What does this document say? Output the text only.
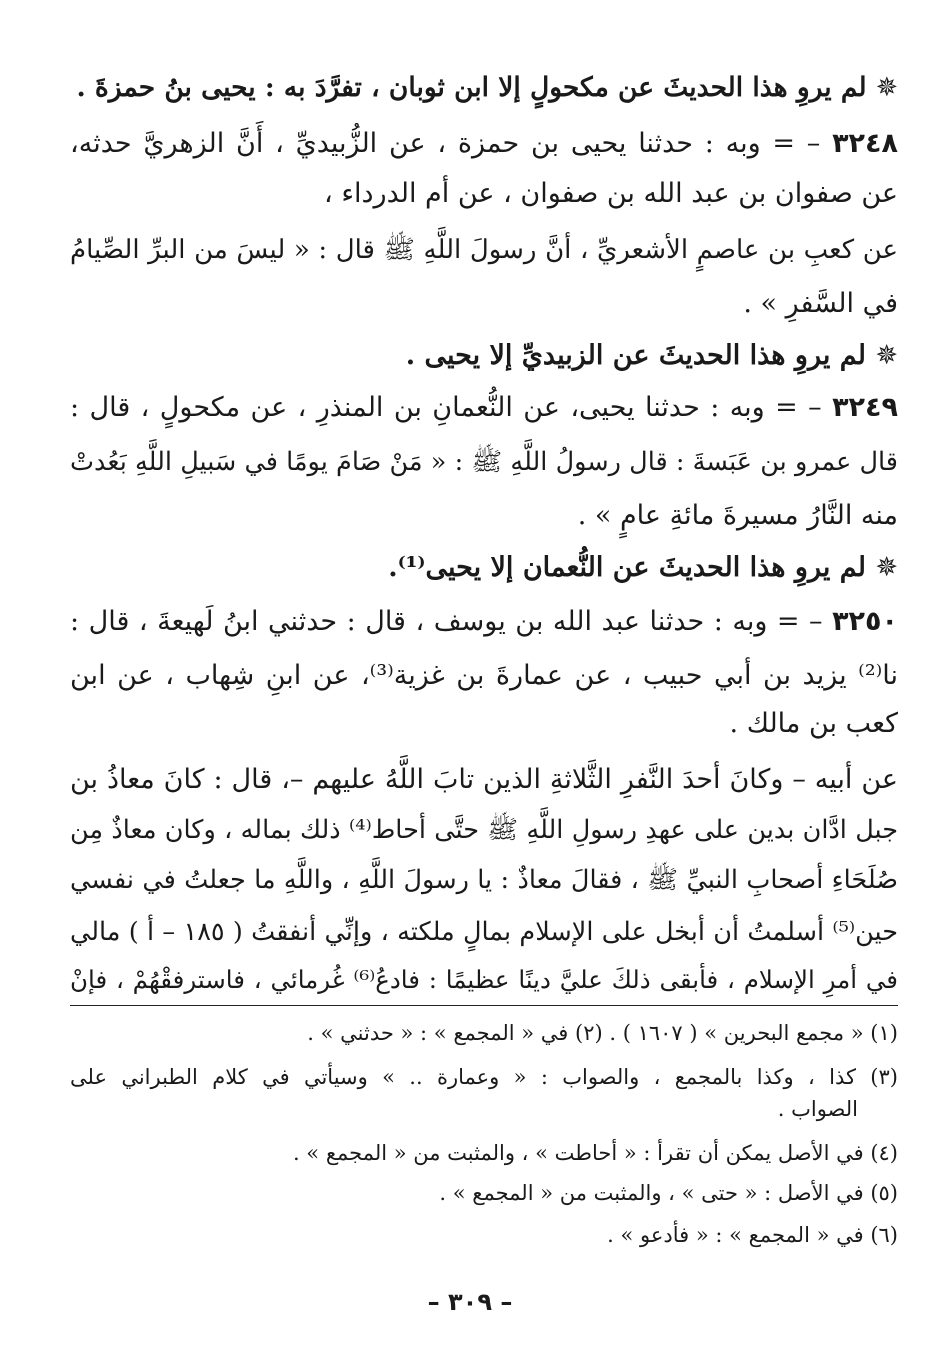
✵ لم يروِ هذا الحديثَ عن مكحولٍ إلا ابن ثوبان ، تفرَّدَ به : يحيى بنُ حمزةَ .
٣٢٤٨ – = وبه : حدثنا يحيى بن حمزة ، عن الزُّبيديِّ ، أَنَّ الزهريَّ حدثه،
عن صفوان بن عبد الله بن صفوان ، عن أم الدرداء ،
عن كعبِ بن عاصمٍ الأشعريِّ ، أنَّ رسولَ اللَّهِ ﷺ قال : « ليسَ من البرِّ الصِّيامُ
في السَّفرِ » .
✵ لم يروِ هذا الحديثَ عن الزبيديِّ إلا يحيى .
٣٢٤٩ – = وبه : حدثنا يحيى، عن النُّعمانِ بن المنذرِ ، عن مكحولٍ ، قال :
قال عمرو بن عَبَسةَ : قال رسولُ اللَّهِ ﷺ : « مَنْ صَامَ يومًا في سَبيلِ اللَّهِ بَعُدتْ
منه النَّارُ مسيرةَ مائةِ عامٍ » .
✵ لم يروِ هذا الحديثَ عن النُّعمان إلا يحيى⁽¹⁾.
٣٢٥٠ – = وبه : حدثنا عبد الله بن يوسف ، قال : حدثني ابنُ لَهيعةَ ، قال :
نا⁽²⁾ يزيد بن أبي حبيب ، عن عمارةَ بن غزية⁽³⁾، عن ابنِ شِهاب ، عن ابن
كعب بن مالك .
عن أبيه – وكانَ أحدَ النَّفرِ الثَّلاثةِ الذين تابَ اللَّهُ عليهم –، قال : كانَ معاذُ بن
جبل ادَّان بدين على عهدِ رسولِ اللَّهِ ﷺ حتَّى أحاط⁽⁴⁾ ذلك بماله ، وكان معاذٌ مِن
صُلَحَاءِ أصحابِ النبيِّ ﷺ ، فقالَ معاذٌ : يا رسولَ اللَّهِ ، واللَّهِ ما جعلتُ في نفسي
حين⁽⁵⁾ أسلمتُ أن أبخل على الإسلام بمالٍ ملكته ، وإنِّي أنفقتُ ( ١٨٥ – أ ) مالي
في أمرِ الإسلام ، فأبقى ذلكَ عليَّ دينًا عظيمًا : فادعُ⁽⁶⁾ غُرمائي ، فاسترفقْهُمْ ، فإنْ
(١) « مجمع البحرين » ( ١٦٠٧ ) . (٢) في « المجمع » : « حدثني » .
(٣) كذا ، وكذا بالمجمع ، والصواب : « وعمارة .. » وسيأتي في كلام الطبراني على
الصواب .
(٤) في الأصل يمكن أن تقرأ : « أحاطت » ، والمثبت من « المجمع » .
(٥) في الأصل : « حتى » ، والمثبت من « المجمع » .
(٦) في « المجمع » : « فأدعو » .
– ٣٠٩ –
